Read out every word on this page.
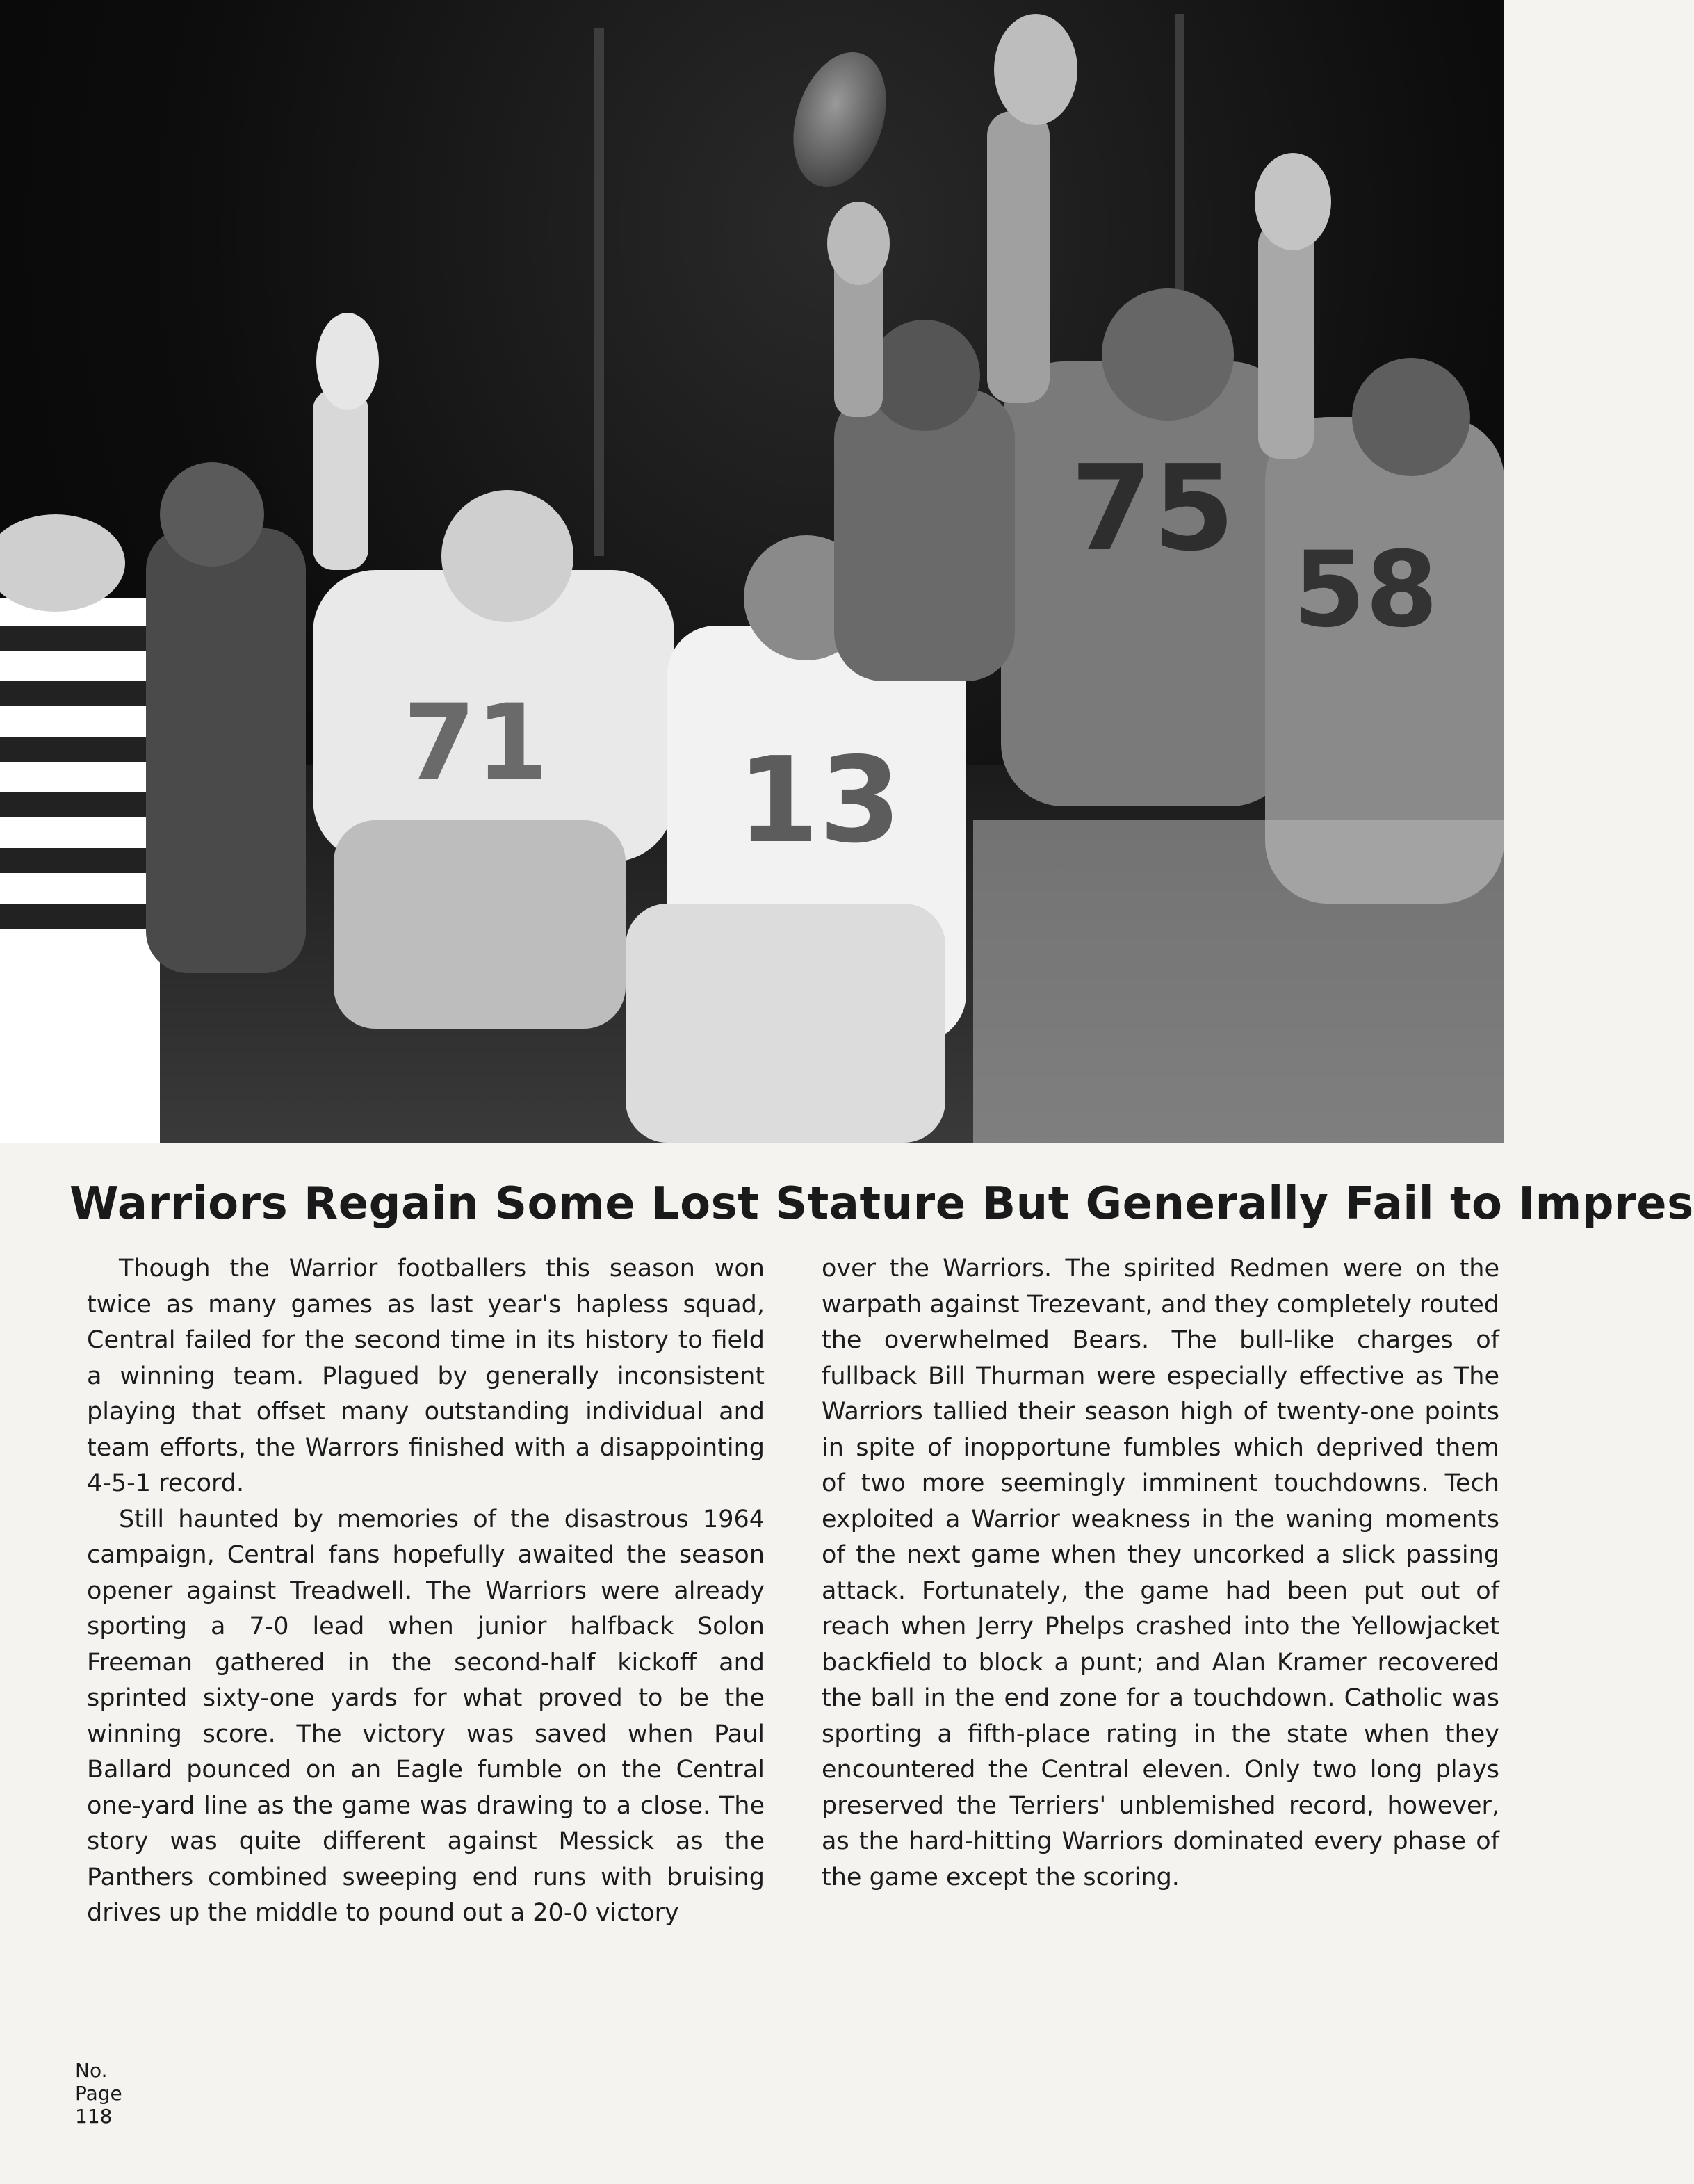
71 13
75
58
Warriors Regain Some Lost Stature But Generally Fail to Impres

Though the Warrior footballers this season won twice as many games as last year's hapless squad, Central failed for the second time in its history to field a winning team. Plagued by generally inconsistent playing that offset many outstanding individual and team efforts, the Warrors finished with a disappointing 4-5-1 record.

Still haunted by memories of the disastrous 1964 campaign, Central fans hopefully awaited the season opener against Treadwell. The Warriors were already sporting a 7-0 lead when junior halfback Solon Freeman gathered in the second-half kickoff and sprinted sixty-one yards for what proved to be the winning score. The victory was saved when Paul Ballard pounced on an Eagle fumble on the Central one-yard line as the game was drawing to a close. The story was quite different against Messick as the Panthers combined sweeping end runs with bruising drives up the middle to pound out a 20-0 victory

over the Warriors. The spirited Redmen were on the warpath against Trezevant, and they completely routed the overwhelmed Bears. The bull-like charges of fullback Bill Thurman were especially effective as The Warriors tallied their season high of twenty-one points in spite of inopportune fumbles which deprived them of two more seemingly imminent touchdowns. Tech exploited a Warrior weakness in the waning moments of the next game when they uncorked a slick passing attack. Fortunately, the game had been put out of reach when Jerry Phelps crashed into the Yellowjacket backfield to block a punt; and Alan Kramer recovered the ball in the end zone for a touchdown. Catholic was sporting a fifth-place rating in the state when they encountered the Central eleven. Only two long plays preserved the Terriers' unblemished record, however, as the hard-hitting Warriors dominated every phase of the game except the scoring.

No.
Page
118
